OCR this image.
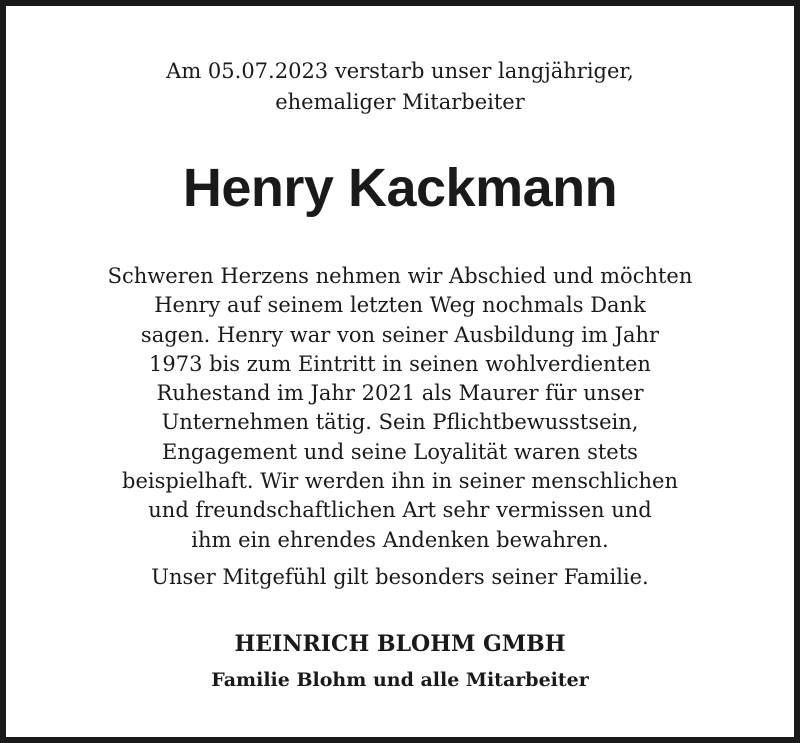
Am 05.07.2023 verstarb unser langjähriger,
ehemaliger Mitarbeiter
Henry Kackmann
Schweren Herzens nehmen wir Abschied und möchten
Henry auf seinem letzten Weg nochmals Dank
sagen. Henry war von seiner Ausbildung im Jahr
1973 bis zum Eintritt in seinen wohlverdienten
Ruhestand im Jahr 2021 als Maurer für unser
Unternehmen tätig. Sein Pflichtbewusstsein,
Engagement und seine Loyalität waren stets
beispielhaft. Wir werden ihn in seiner menschlichen
und freundschaftlichen Art sehr vermissen und
ihm ein ehrendes Andenken bewahren.
Unser Mitgefühl gilt besonders seiner Familie.
HEINRICH BLOHM GMBH
Familie Blohm und alle Mitarbeiter
